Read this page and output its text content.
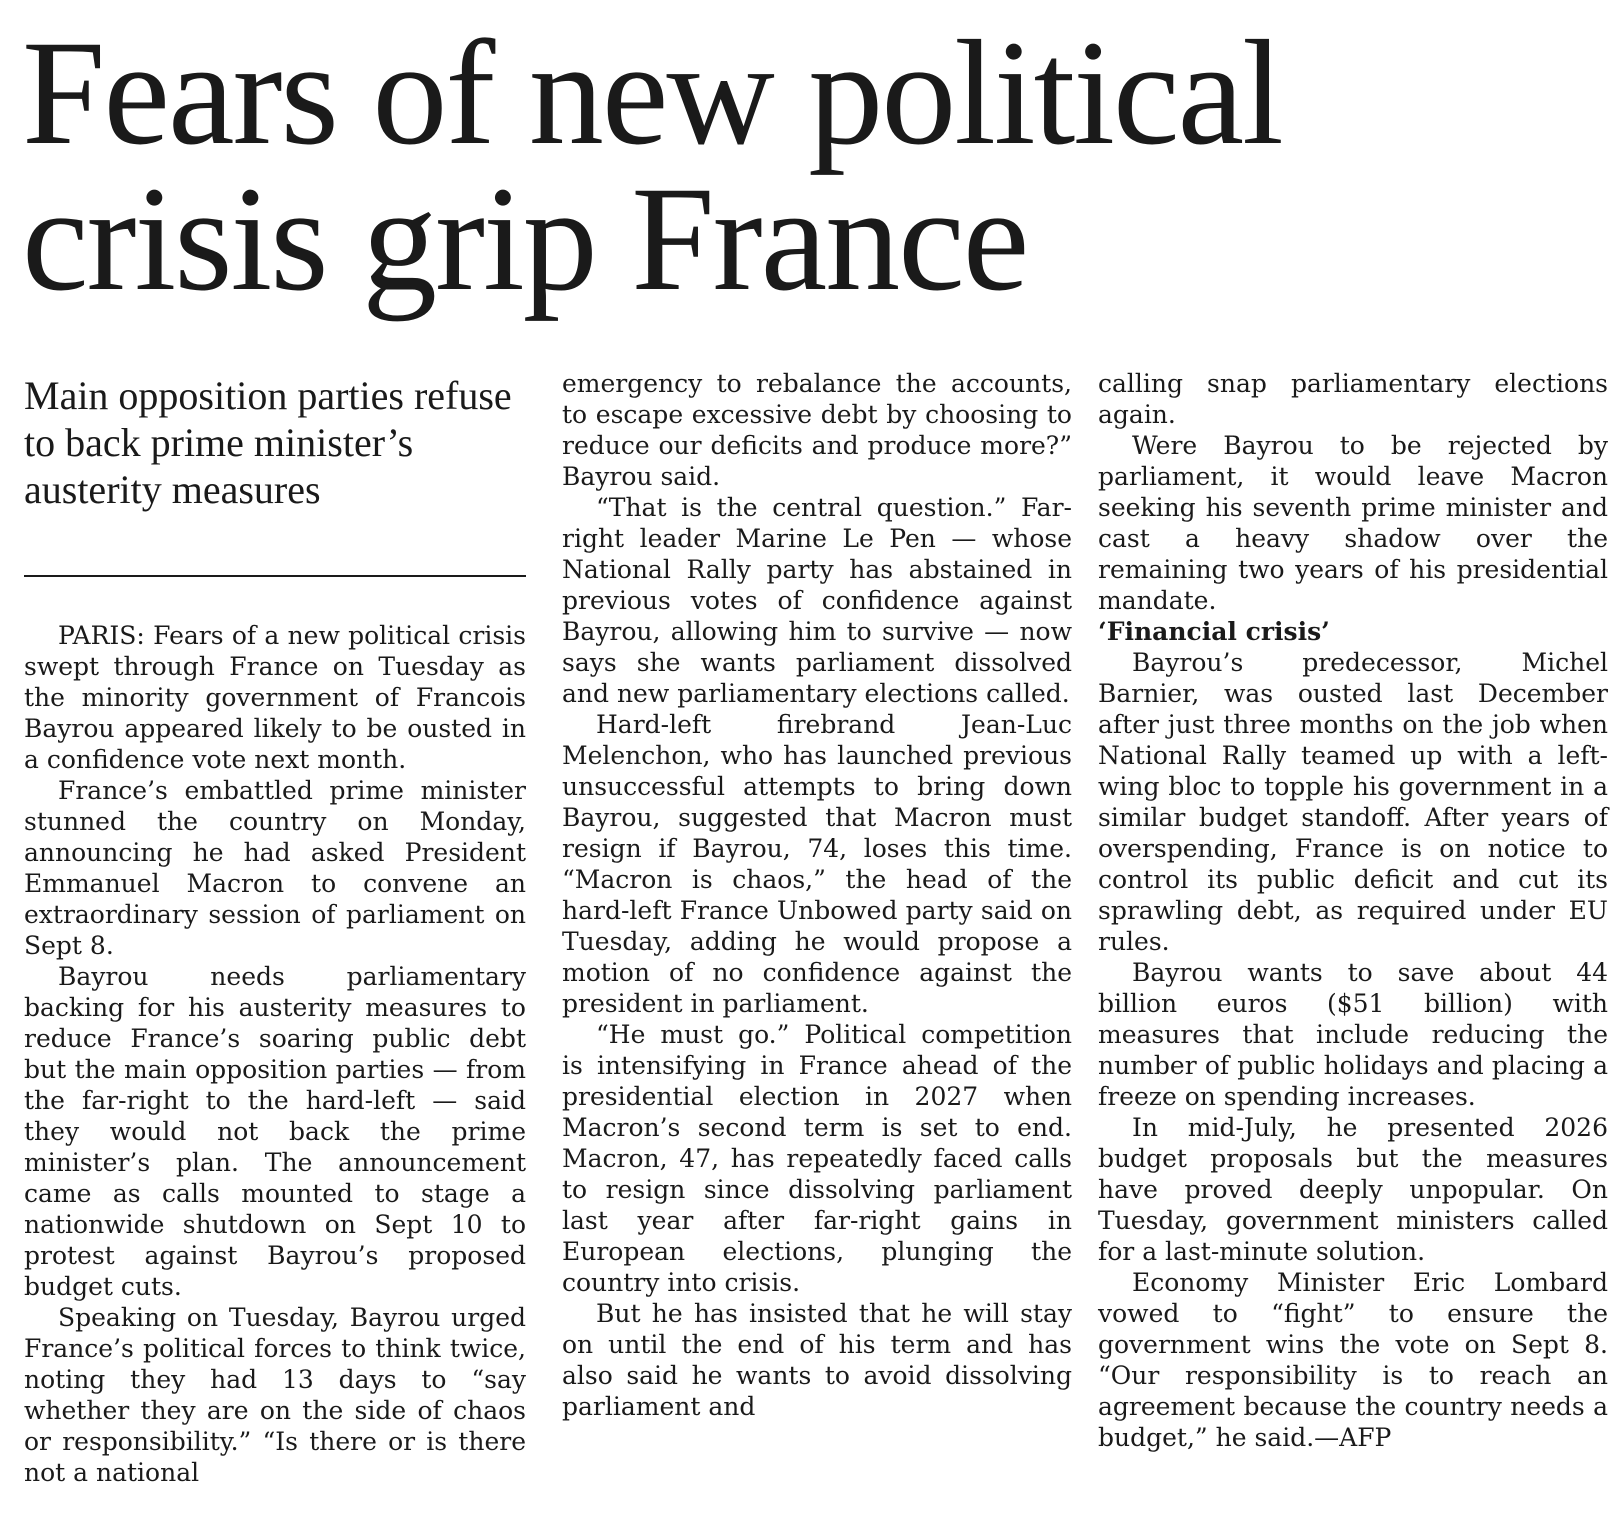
Fears of new political
crisis grip France
Main opposition parties refuse to back prime minister’s austerity measures

PARIS: Fears of a new political crisis swept through France on Tuesday as the minority government of Francois Bayrou appeared likely to be ousted in a confidence vote next month.

France’s embattled prime minister stunned the country on Monday, announcing he had asked President Emmanuel Macron to convene an extraordinary session of parliament on Sept 8.

Bayrou needs parliamentary backing for his austerity measures to reduce France’s soaring public debt but the main opposition parties — from the far-right to the hard-left — said they would not back the prime minister’s plan. The announcement came as calls mounted to stage a nationwide shutdown on Sept 10 to protest against Bayrou’s proposed budget cuts.

Speaking on Tuesday, Bayrou urged France’s political forces to think twice, noting they had 13 days to “say whether they are on the side of chaos or responsibility.” “Is there or is there not a national

emergency to rebalance the accounts, to escape excessive debt by choosing to reduce our deficits and produce more?” Bayrou said.

“That is the central question.” Far-right leader Marine Le Pen — whose National Rally party has abstained in previous votes of confidence against Bayrou, allowing him to survive — now says she wants parliament dissolved and new parliamentary elections called.

Hard-left firebrand Jean-Luc Melenchon, who has launched previous unsuccessful attempts to bring down Bayrou, suggested that Macron must resign if Bayrou, 74, loses this time. “Macron is chaos,” the head of the hard-left France Unbowed party said on Tuesday, adding he would propose a motion of no confidence against the president in parliament.

“He must go.” Political competition is intensifying in France ahead of the presidential election in 2027 when Macron’s second term is set to end. Macron, 47, has repeatedly faced calls to resign since dissolving parliament last year after far-right gains in European elections, plunging the country into crisis.

But he has insisted that he will stay on until the end of his term and has also said he wants to avoid dissolving parliament and

calling snap parliamentary elections again.

Were Bayrou to be rejected by parliament, it would leave Macron seeking his seventh prime minister and cast a heavy shadow over the remaining two years of his presidential mandate.

‘Financial crisis’

Bayrou’s predecessor, Michel Barnier, was ousted last December after just three months on the job when National Rally teamed up with a left-wing bloc to topple his government in a similar budget standoff. After years of overspending, France is on notice to control its public deficit and cut its sprawling debt, as required under EU rules.

Bayrou wants to save about 44 billion euros ($51 billion) with measures that include reducing the number of public holidays and placing a freeze on spending increases.

In mid-July, he presented 2026 budget proposals but the measures have proved deeply unpopular. On Tuesday, government ministers called for a last-minute solution.

Economy Minister Eric Lombard vowed to “fight” to ensure the government wins the vote on Sept 8. “Our responsibility is to reach an agreement because the country needs a budget,” he said.—AFP
